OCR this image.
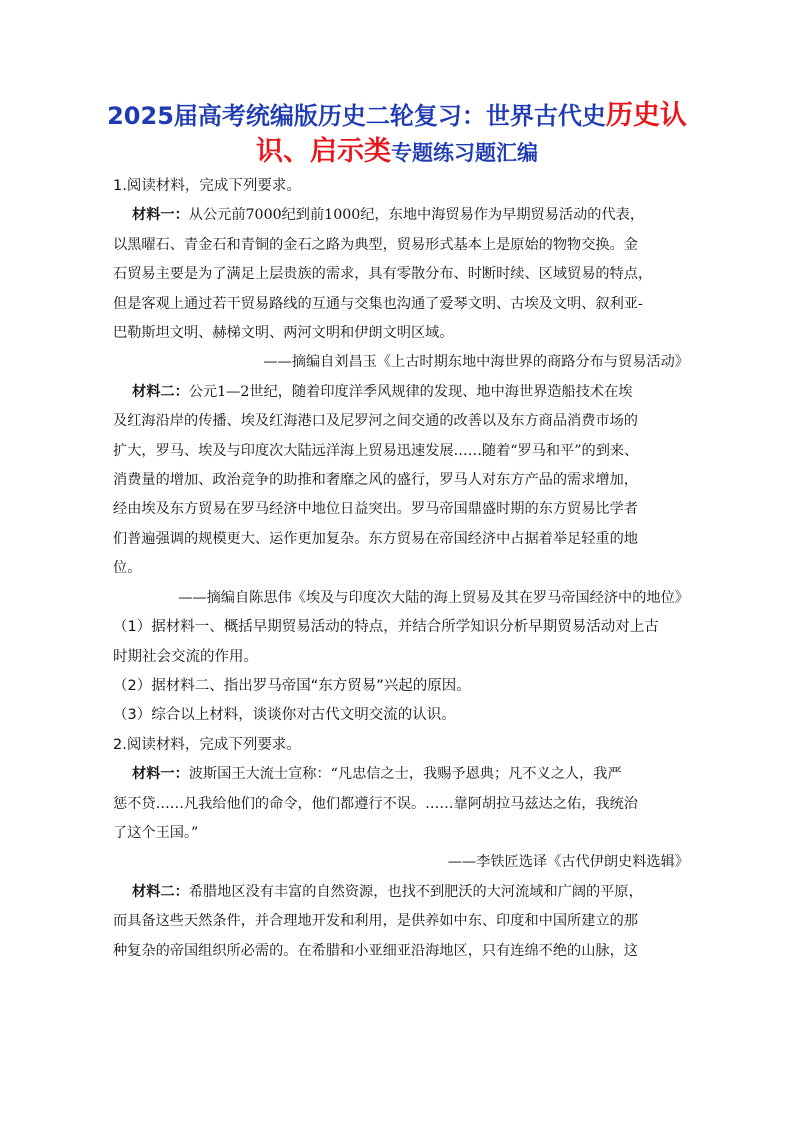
2025届高考统编版历史二轮复习：世界古代史历史认
识、启示类专题练习题汇编

1.阅读材料，完成下列要求。

材料一：从公元前7000纪到前1000纪，东地中海贸易作为早期贸易活动的代表，

以黑曜石、青金石和青铜的金石之路为典型，贸易形式基本上是原始的物物交换。金

石贸易主要是为了满足上层贵族的需求，具有零散分布、时断时续、区域贸易的特点，

但是客观上通过若干贸易路线的互通与交集也沟通了爱琴文明、古埃及文明、叙利亚-

巴勒斯坦文明、赫梯文明、两河文明和伊朗文明区域。

——摘编自刘昌玉《上古时期东地中海世界的商路分布与贸易活动》

材料二：公元1—2世纪，随着印度洋季风规律的发现、地中海世界造船技术在埃

及红海沿岸的传播、埃及红海港口及尼罗河之间交通的改善以及东方商品消费市场的

扩大，罗马、埃及与印度次大陆远洋海上贸易迅速发展……随着“罗马和平”的到来、

消费量的增加、政治竞争的助推和奢靡之风的盛行，罗马人对东方产品的需求增加，

经由埃及东方贸易在罗马经济中地位日益突出。罗马帝国鼎盛时期的东方贸易比学者

们普遍强调的规模更大、运作更加复杂。东方贸易在帝国经济中占据着举足轻重的地

位。

——摘编自陈思伟《埃及与印度次大陆的海上贸易及其在罗马帝国经济中的地位》

（1）据材料一、概括早期贸易活动的特点，并结合所学知识分析早期贸易活动对上古

时期社会交流的作用。

（2）据材料二、指出罗马帝国“东方贸易”兴起的原因。

（3）综合以上材料，谈谈你对古代文明交流的认识。

2.阅读材料，完成下列要求。

材料一：波斯国王大流士宣称：“凡忠信之士，我赐予恩典；凡不义之人，我严

惩不贷……凡我给他们的命令，他们都遵行不误。……靠阿胡拉马兹达之佑，我统治

了这个王国。”

——李铁匠选译《古代伊朗史料选辑》

材料二：希腊地区没有丰富的自然资源，也找不到肥沃的大河流域和广阔的平原，

而具备这些天然条件，并合理地开发和利用，是供养如中东、印度和中国所建立的那

种复杂的帝国组织所必需的。在希腊和小亚细亚沿海地区，只有连绵不绝的山脉，这
